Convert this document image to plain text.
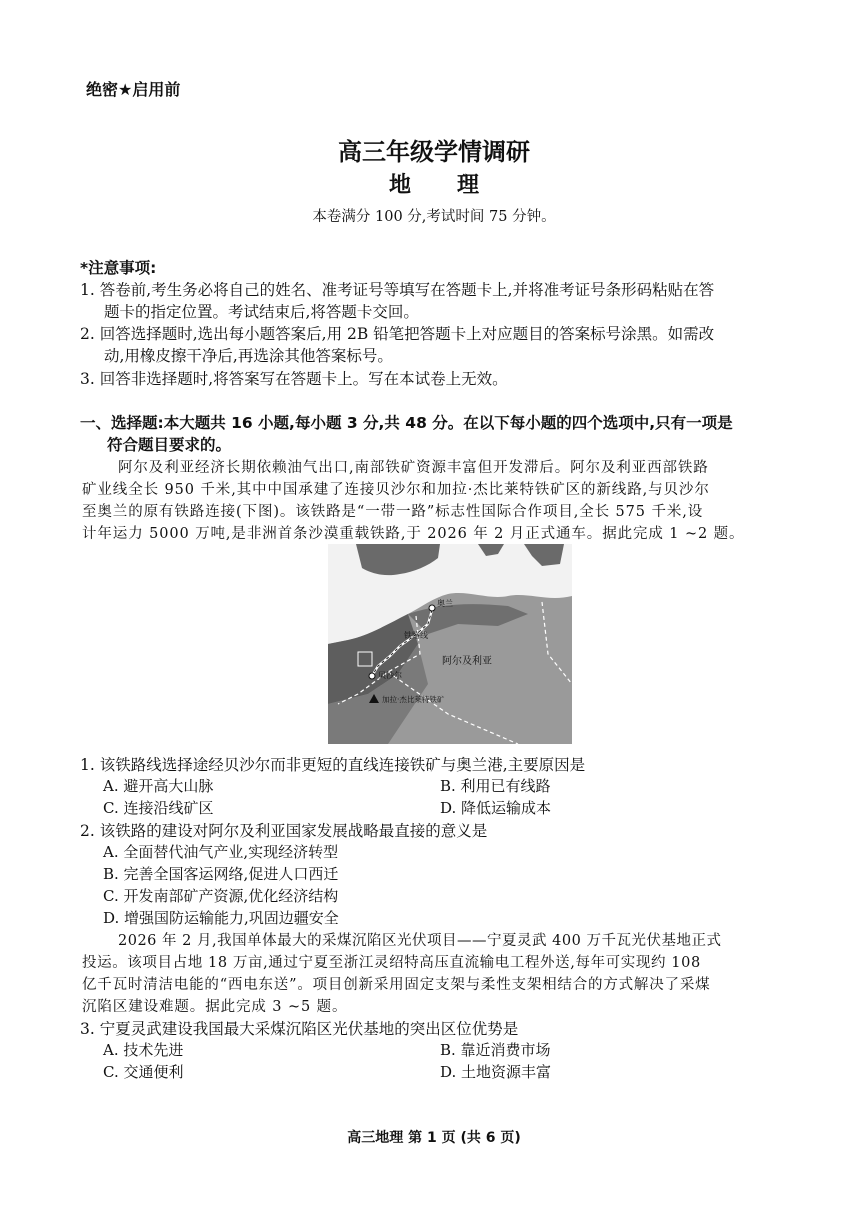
绝密★启用前
高三年级学情调研
地理
本卷满分 100 分,考试时间 75 分钟。
*注意事项:
1. 答卷前,考生务必将自己的姓名、准考证号等填写在答题卡上,并将准考证号条形码粘贴在答
题卡的指定位置。考试结束后,将答题卡交回。
2. 回答选择题时,选出每小题答案后,用 2B 铅笔把答题卡上对应题目的答案标号涂黑。如需改
动,用橡皮擦干净后,再选涂其他答案标号。
3. 回答非选择题时,将答案写在答题卡上。写在本试卷上无效。
一、选择题:本大题共 16 小题,每小题 3 分,共 48 分。在以下每小题的四个选项中,只有一项是
符合题目要求的。
阿尔及利亚经济长期依赖油气出口,南部铁矿资源丰富但开发滞后。阿尔及利亚西部铁路
矿业线全长 950 千米,其中中国承建了连接贝沙尔和加拉·杰比莱特铁矿区的新线路,与贝沙尔
至奥兰的原有铁路连接(下图)。该铁路是“一带一路”标志性国际合作项目,全长 575 千米,设
计年运力 5000 万吨,是非洲首条沙漠重载铁路,于 2026 年 2 月正式通车。据此完成 1 ~2 题。
奥兰
铁路线
阿尔及利亚
贝沙尔
加拉·杰比莱特铁矿
1. 该铁路线选择途经贝沙尔而非更短的直线连接铁矿与奥兰港,主要原因是
A. 避开高大山脉	B. 利用已有线路
C. 连接沿线矿区	D. 降低运输成本
2. 该铁路的建设对阿尔及利亚国家发展战略最直接的意义是
A. 全面替代油气产业,实现经济转型
B. 完善全国客运网络,促进人口西迁
C. 开发南部矿产资源,优化经济结构
D. 增强国防运输能力,巩固边疆安全
2026 年 2 月,我国单体最大的采煤沉陷区光伏项目——宁夏灵武 400 万千瓦光伏基地正式
投运。该项目占地 18 万亩,通过宁夏至浙江灵绍特高压直流输电工程外送,每年可实现约 108
亿千瓦时清洁电能的“西电东送”。项目创新采用固定支架与柔性支架相结合的方式解决了采煤
沉陷区建设难题。据此完成 3 ~5 题。
3. 宁夏灵武建设我国最大采煤沉陷区光伏基地的突出区位优势是
A. 技术先进	B. 靠近消费市场
C. 交通便利	D. 土地资源丰富
高三地理 第 1 页 (共 6 页)
